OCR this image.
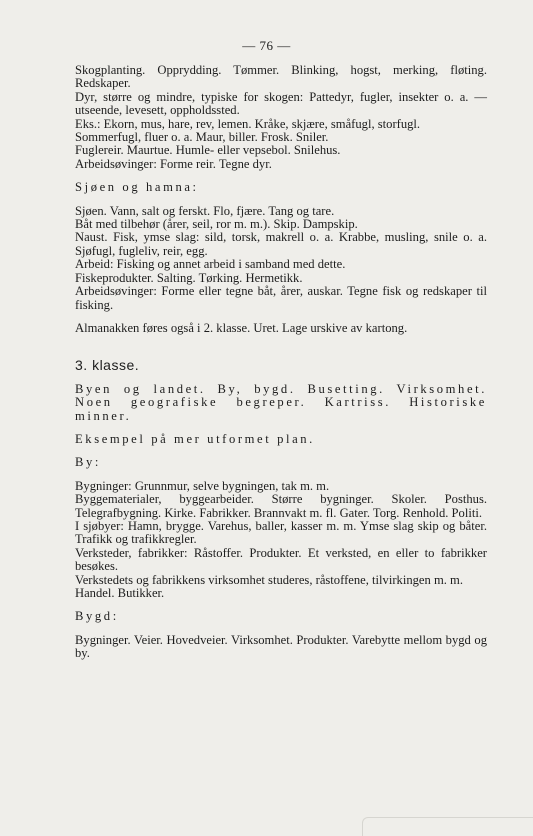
— 76 —

Skogplanting. Opprydding. Tømmer. Blinking, hogst, merking, fløting. Redskaper.

Dyr, større og mindre, typiske for skogen: Pattedyr, fugler, insekter o. a. — utseende, levesett, oppholdssted.

Eks.: Ekorn, mus, hare, rev, lemen. Kråke, skjære, småfugl, storfugl.

Sommerfugl, fluer o. a. Maur, biller. Frosk. Sniler.

Fuglereir. Maurtue. Humle- eller vepsebol. Snilehus.

Arbeidsøvinger: Forme reir. Tegne dyr.

Sjøen og hamna:

Sjøen. Vann, salt og ferskt. Flo, fjære. Tang og tare.

Båt med tilbehør (årer, seil, ror m. m.). Skip. Dampskip.

Naust. Fisk, ymse slag: sild, torsk, makrell o. a. Krabbe, musling, snile o. a. Sjøfugl, fugleliv, reir, egg.

Arbeid: Fisking og annet arbeid i samband med dette.

Fiskeprodukter. Salting. Tørking. Hermetikk.

Arbeidsøvinger: Forme eller tegne båt, årer, auskar. Tegne fisk og redskaper til fisking.

Almanakken føres også i 2. klasse. Uret. Lage urskive av kartong.

3. klasse.

Byen og landet. By, bygd. Busetting. Virksomhet. Noen geografiske begreper. Kartriss. Historiske minner.

Eksempel på mer utformet plan.

By:

Bygninger: Grunnmur, selve bygningen, tak m. m.

Byggematerialer, byggearbeider. Større bygninger. Skoler. Posthus. Telegrafbygning. Kirke. Fabrikker. Brannvakt m. fl. Gater. Torg. Renhold. Politi.

I sjøbyer: Hamn, brygge. Varehus, baller, kasser m. m. Ymse slag skip og båter. Trafikk og trafikkregler.

Verksteder, fabrikker: Råstoffer. Produkter. Et verksted, en eller to fabrikker besøkes.

Verkstedets og fabrikkens virksomhet studeres, råstoffene, tilvirkingen m. m.

Handel. Butikker.

Bygd:

Bygninger. Veier. Hovedveier. Virksomhet. Produkter. Varebytte mellom bygd og by.
